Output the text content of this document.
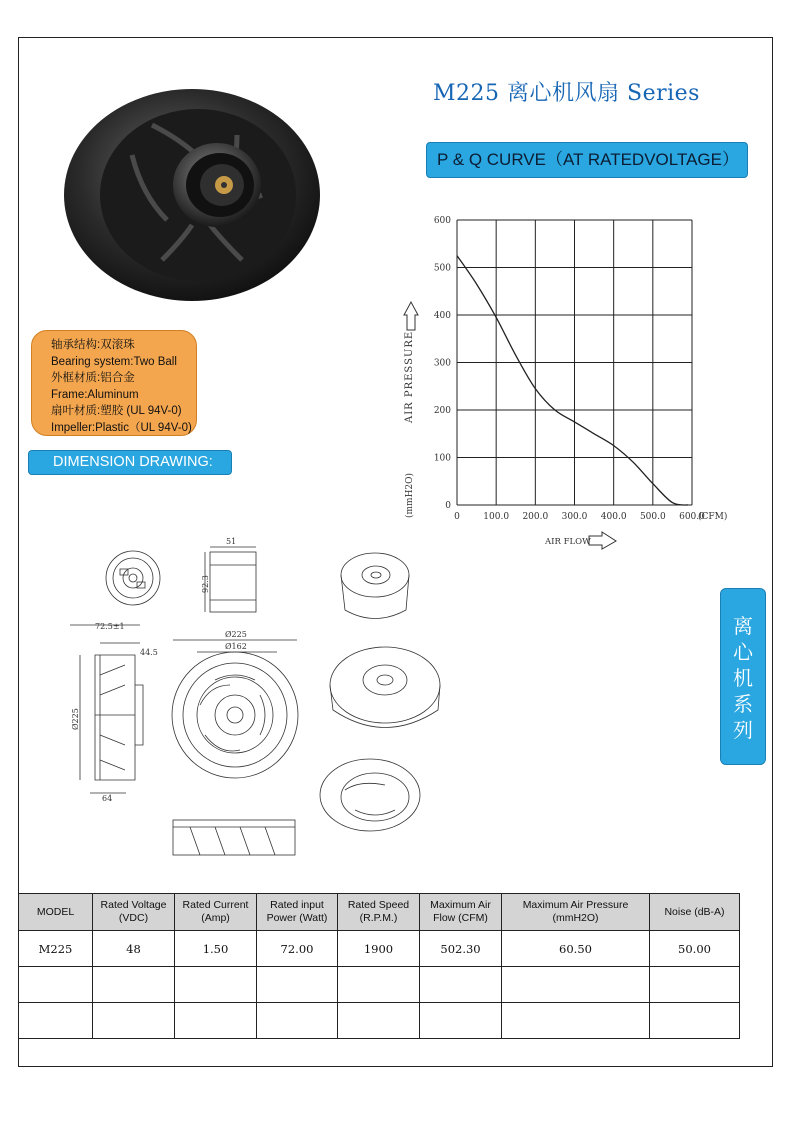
M225 离心机风扇 Series
P & Q CURVE（AT RATEDVOLTAGE）
轴承结构:双滚珠
Bearing system:Two Ball
外框材质:铝合金
Frame:Aluminum
扇叶材质:塑胶 (UL 94V-0)
Impeller:Plastic（UL 94V-0)
DIMENSION DRAWING:
0
100
200
300
400
500
600
0	100.0 200.0 300.0 400.0 500.0 600.0
(CFM)
AIR PRESSURE
(mmH2O)
AIR FLOW
51
92.3
72.5±1
44.5
Ø225
64
Ø225
Ø162
离
心
机
系
列
MODEL	Rated Voltage (VDC)	Rated Current (Amp)	Rated input Power (Watt)	Rated Speed (R.P.M.)	Maximum Air Flow (CFM)	Maximum Air Pressure (mmH2O)	Noise (dB-A)
M225	48	1.50	72.00	1900	502.30	60.50	50.00
